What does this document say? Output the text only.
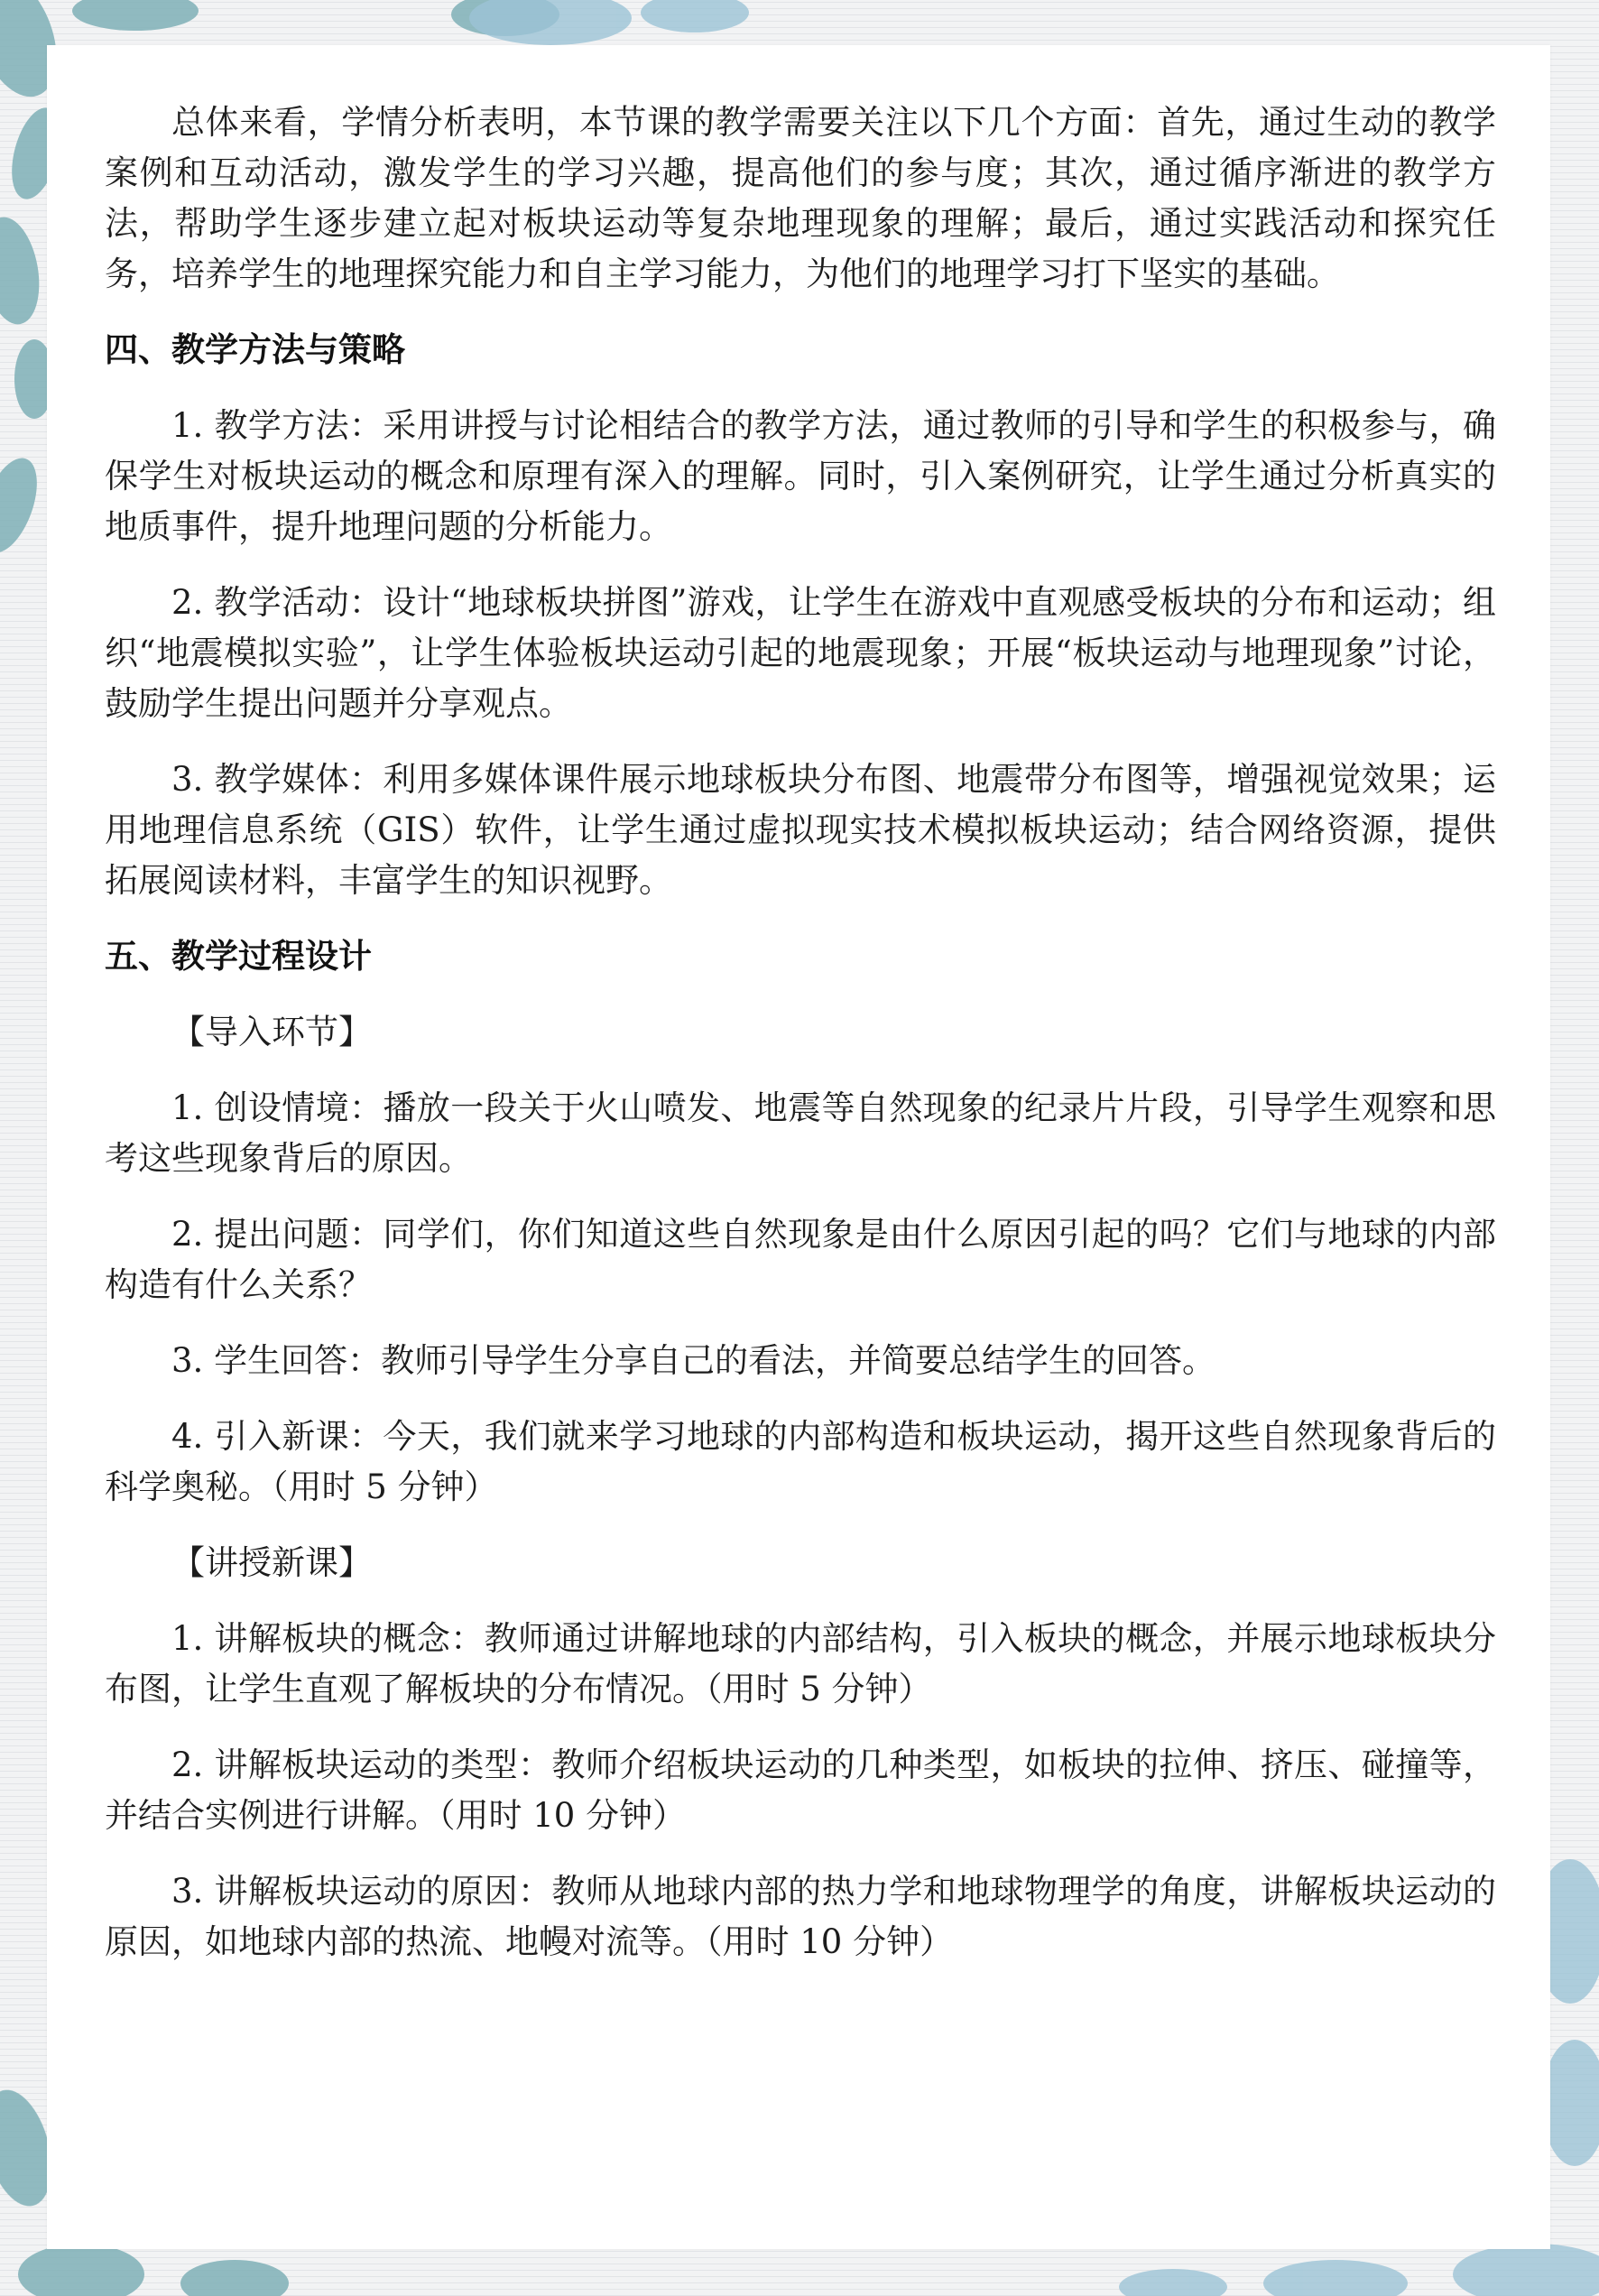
总体来看，学情分析表明，本节课的教学需要关注以下几个方面：首先，通过生动的教学案例和互动活动，激发学生的学习兴趣，提高他们的参与度；其次，通过循序渐进的教学方法，帮助学生逐步建立起对板块运动等复杂地理现象的理解；最后，通过实践活动和探究任务，培养学生的地理探究能力和自主学习能力，为他们的地理学习打下坚实的基础。

四、教学方法与策略

1. 教学方法：采用讲授与讨论相结合的教学方法，通过教师的引导和学生的积极参与，确保学生对板块运动的概念和原理有深入的理解。同时，引入案例研究，让学生通过分析真实的地质事件，提升地理问题的分析能力。

2. 教学活动：设计“地球板块拼图”游戏，让学生在游戏中直观感受板块的分布和运动；组织“地震模拟实验”，让学生体验板块运动引起的地震现象；开展“板块运动与地理现象”讨论，鼓励学生提出问题并分享观点。

3. 教学媒体：利用多媒体课件展示地球板块分布图、地震带分布图等，增强视觉效果；运用地理信息系统（GIS）软件，让学生通过虚拟现实技术模拟板块运动；结合网络资源，提供拓展阅读材料，丰富学生的知识视野。

五、教学过程设计

【导入环节】

1. 创设情境：播放一段关于火山喷发、地震等自然现象的纪录片片段，引导学生观察和思考这些现象背后的原因。

2. 提出问题：同学们，你们知道这些自然现象是由什么原因引起的吗？它们与地球的内部构造有什么关系？

3. 学生回答：教师引导学生分享自己的看法，并简要总结学生的回答。

4. 引入新课：今天，我们就来学习地球的内部构造和板块运动，揭开这些自然现象背后的科学奥秘。（用时 5 分钟）

【讲授新课】

1. 讲解板块的概念：教师通过讲解地球的内部结构，引入板块的概念，并展示地球板块分布图，让学生直观了解板块的分布情况。（用时 5 分钟）

2. 讲解板块运动的类型：教师介绍板块运动的几种类型，如板块的拉伸、挤压、碰撞等，并结合实例进行讲解。（用时 10 分钟）

3. 讲解板块运动的原因：教师从地球内部的热力学和地球物理学的角度，讲解板块运动的原因，如地球内部的热流、地幔对流等。（用时 10 分钟）
